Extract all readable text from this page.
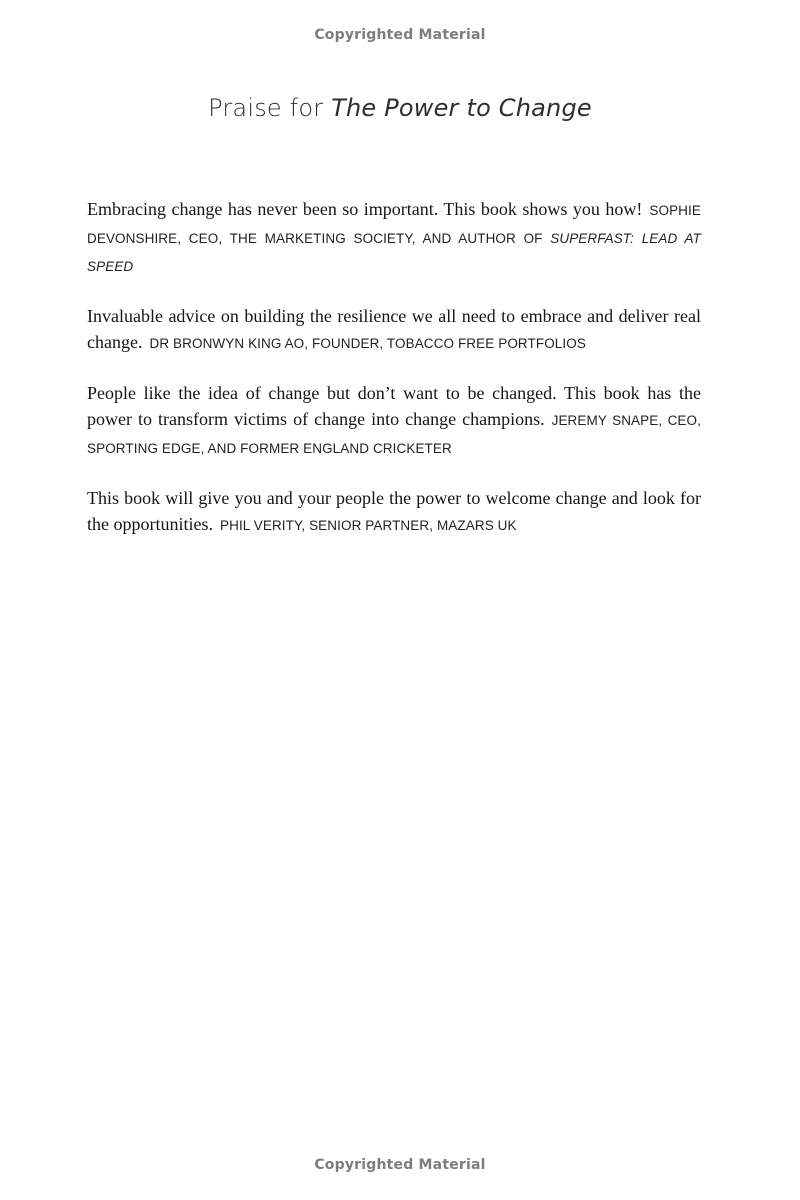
Copyrighted Material
Praise for The Power to Change

Embracing change has never been so important. This book shows you how! SOPHIE DEVONSHIRE, CEO, THE MARKETING SOCIETY, AND AUTHOR OF SUPERFAST: LEAD AT SPEED

Invaluable advice on building the resilience we all need to embrace and deliver real change. DR BRONWYN KING AO, FOUNDER, TOBACCO FREE PORTFOLIOS

People like the idea of change but don’t want to be changed. This book has the power to transform victims of change into change champions. JEREMY SNAPE, CEO, SPORTING EDGE, AND FORMER ENGLAND CRICKETER

This book will give you and your people the power to welcome change and look for the opportunities. PHIL VERITY, SENIOR PARTNER, MAZARS UK

Copyrighted Material
